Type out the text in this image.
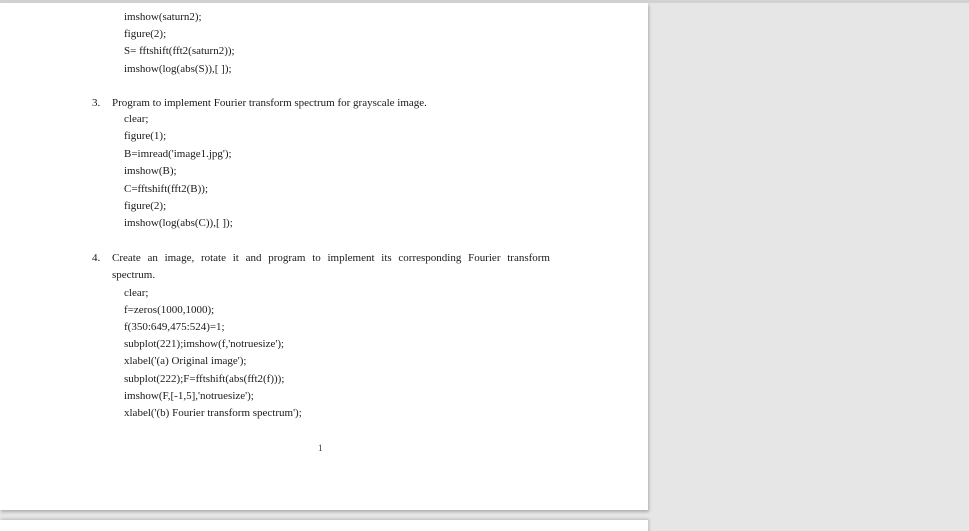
imshow(saturn2);
figure(2);
S= fftshift(fft2(saturn2));
imshow(log(abs(S)),[ ]);
3. Program to implement Fourier transform spectrum for grayscale image.
clear;
figure(1);
B=imread('image1.jpg');
imshow(B);
C=fftshift(fft2(B));
figure(2);
imshow(log(abs(C)),[ ]);
4. Create an image, rotate it and program to implement its corresponding Fourier transform
spectrum.
clear;
f=zeros(1000,1000);
f(350:649,475:524)=1;
subplot(221);imshow(f,'notruesize');
xlabel('(a) Original image');
subplot(222);F=fftshift(abs(fft2(f)));
imshow(F,[-1,5],'notruesize');
xlabel('(b) Fourier transform spectrum');
1
